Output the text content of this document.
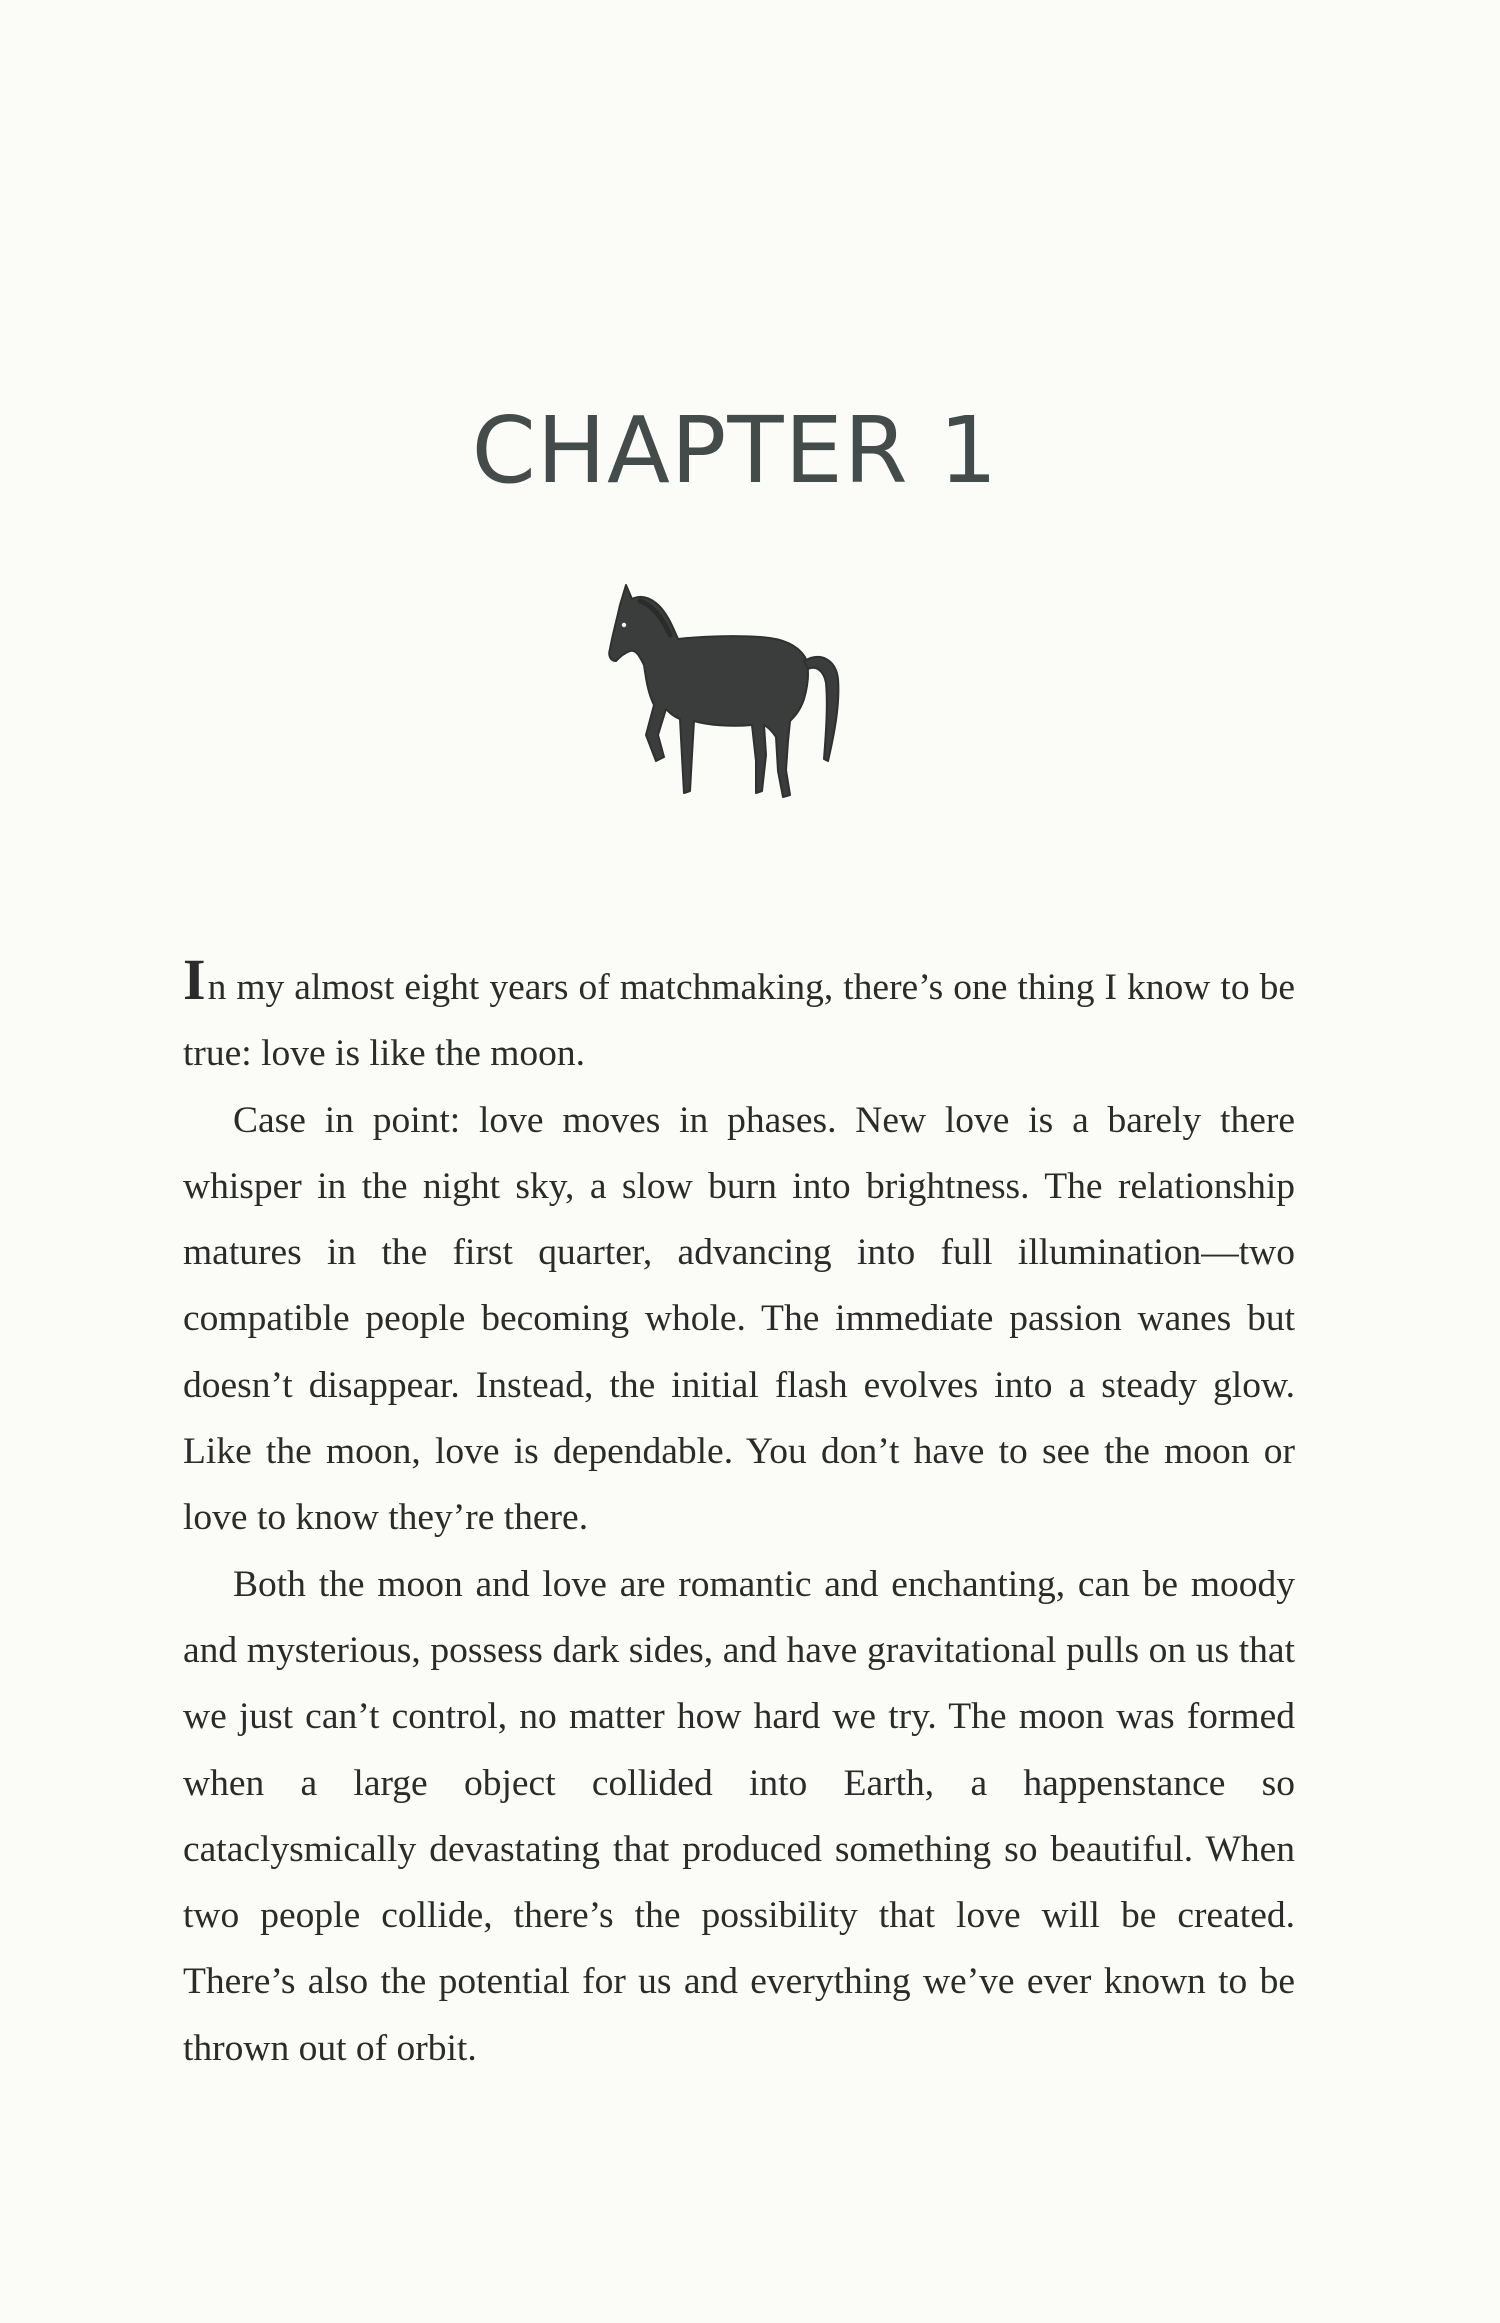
CHAPTER 1

In my almost eight years of matchmaking, there’s one thing I know to be true: love is like the moon.

Case in point: love moves in phases. New love is a barely there whisper in the night sky, a slow burn into brightness. The relationship matures in the first quarter, advancing into full illumination—two compatible people becoming whole. The immediate passion wanes but doesn’t disappear. Instead, the initial flash evolves into a steady glow. Like the moon, love is dependable. You don’t have to see the moon or love to know they’re there.

Both the moon and love are romantic and enchanting, can be moody and mysterious, possess dark sides, and have gravitational pulls on us that we just can’t control, no matter how hard we try. The moon was formed when a large object collided into Earth, a happenstance so cataclysmically devastating that produced something so beautiful. When two people collide, there’s the possibility that love will be created. There’s also the potential for us and everything we’ve ever known to be thrown out of orbit.
